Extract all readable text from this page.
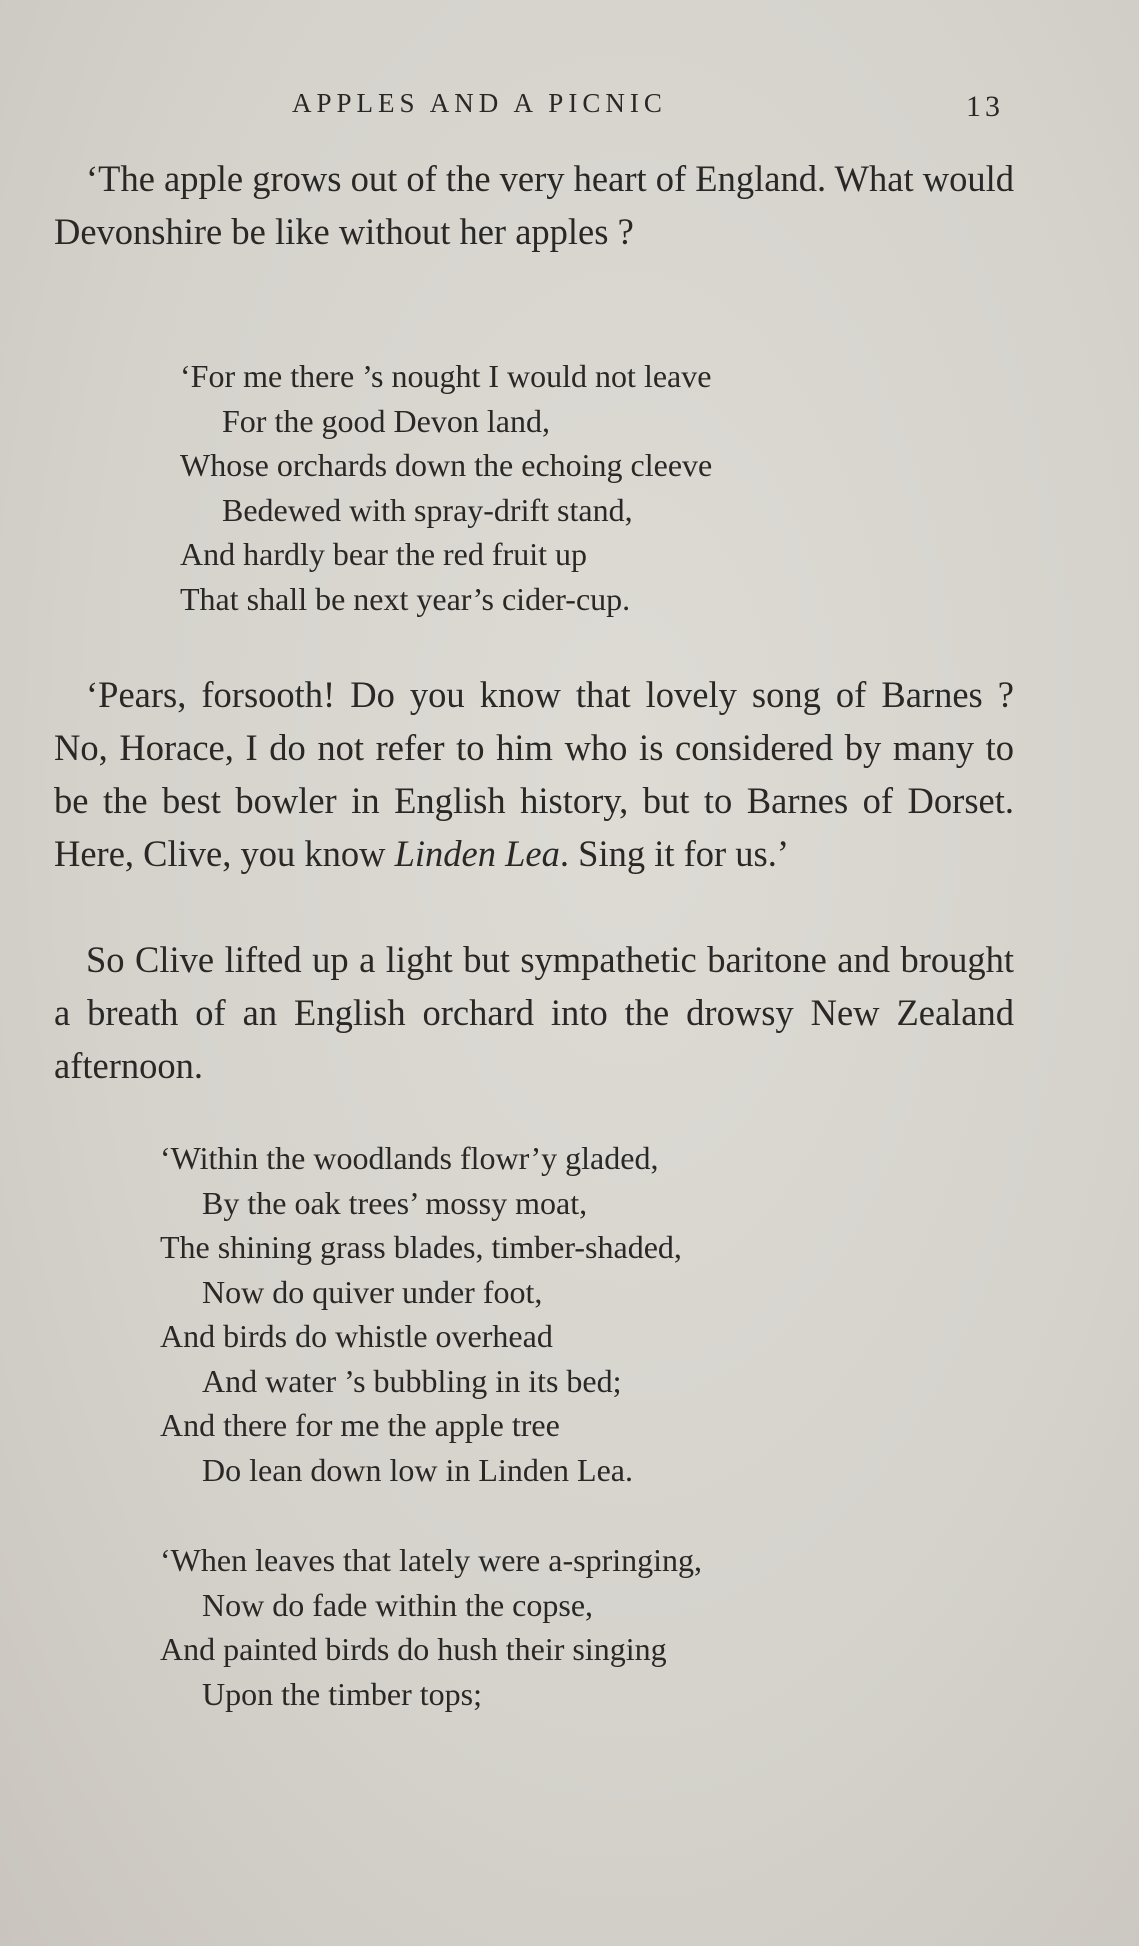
APPLES AND A PICNIC	13

‘The apple grows out of the very heart of England. What would Devonshire be like without her apples ?

‘For me there ’s nought I would not leave
For the good Devon land,
Whose orchards down the echoing cleeve
Bedewed with spray-drift stand,
And hardly bear the red fruit up
That shall be next year’s cider-cup.

‘Pears, forsooth! Do you know that lovely song of Barnes ? No, Horace, I do not refer to him who is considered by many to be the best bowler in English history, but to Barnes of Dorset. Here, Clive, you know Linden Lea. Sing it for us.’

So Clive lifted up a light but sympathetic baritone and brought a breath of an English orchard into the drowsy New Zealand afternoon.

‘Within the woodlands flowr’y gladed,
By the oak trees’ mossy moat,
The shining grass blades, timber-shaded,
Now do quiver under foot,
And birds do whistle overhead
And water ’s bubbling in its bed;
And there for me the apple tree
Do lean down low in Linden Lea.
‘When leaves that lately were a-springing,
Now do fade within the copse,
And painted birds do hush their singing
Upon the timber tops;
